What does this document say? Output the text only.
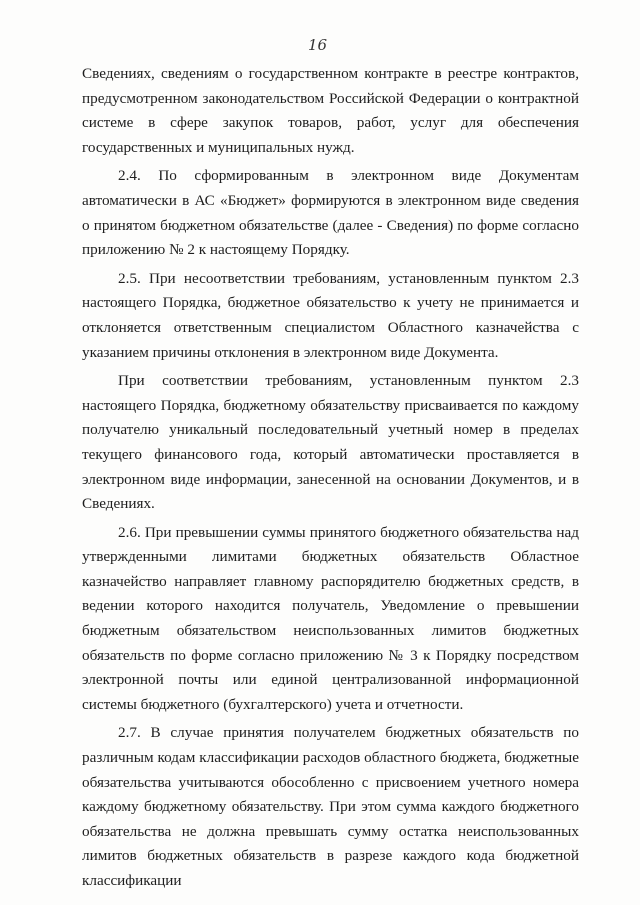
16

Сведениях, сведениям о государственном контракте в реестре контрактов, предусмотренном законодательством Российской Федерации о контрактной системе в сфере закупок товаров, работ, услуг для обеспечения государственных и муниципальных нужд.

2.4. По сформированным в электронном виде Документам автоматически в АС «Бюджет» формируются в электронном виде сведения о принятом бюджетном обязательстве (далее - Сведения) по форме согласно приложению № 2 к настоящему Порядку.

2.5. При несоответствии требованиям, установленным пунктом 2.3 настоящего Порядка, бюджетное обязательство к учету не принимается и отклоняется ответственным специалистом Областного казначейства с указанием причины отклонения в электронном виде Документа.

При соответствии требованиям, установленным пунктом 2.3 настоящего Порядка, бюджетному обязательству присваивается по каждому получателю уникальный последовательный учетный номер в пределах текущего финансового года, который автоматически проставляется в электронном виде информации, занесенной на основании Документов, и в Сведениях.

2.6. При превышении суммы принятого бюджетного обязательства над утвержденными лимитами бюджетных обязательств Областное казначейство направляет главному распорядителю бюджетных средств, в ведении которого находится получатель, Уведомление о превышении бюджетным обязательством неиспользованных лимитов бюджетных обязательств по форме согласно приложению № 3 к Порядку посредством электронной почты или единой централизованной информационной системы бюджетного (бухгалтерского) учета и отчетности.

2.7. В случае принятия получателем бюджетных обязательств по различным кодам классификации расходов областного бюджета, бюджетные обязательства учитываются обособленно с присвоением учетного номера каждому бюджетному обязательству. При этом сумма каждого бюджетного обязательства не должна превышать сумму остатка неиспользованных лимитов бюджетных обязательств в разрезе каждого кода бюджетной классификации
